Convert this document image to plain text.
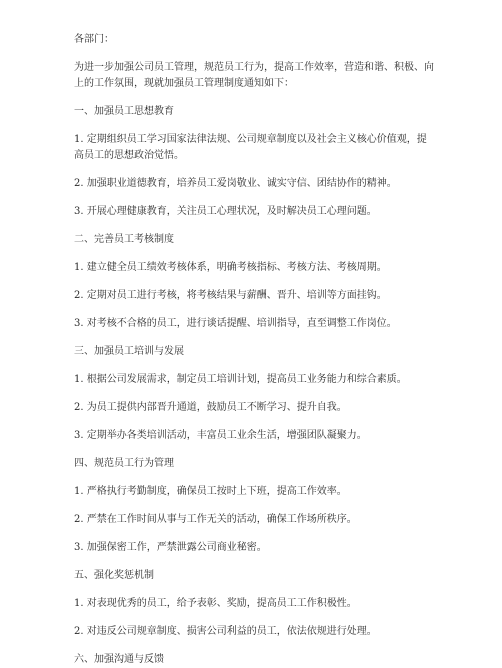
各部门：

为进一步加强公司员工管理，规范员工行为，提高工作效率，营造和谐、积极、向
上的工作氛围，现就加强员工管理制度通知如下：

一、加强员工思想教育

1. 定期组织员工学习国家法律法规、公司规章制度以及社会主义核心价值观，提
高员工的思想政治觉悟。

2. 加强职业道德教育，培养员工爱岗敬业、诚实守信、团结协作的精神。

3. 开展心理健康教育，关注员工心理状况，及时解决员工心理问题。

二、完善员工考核制度

1. 建立健全员工绩效考核体系，明确考核指标、考核方法、考核周期。

2. 定期对员工进行考核，将考核结果与薪酬、晋升、培训等方面挂钩。

3. 对考核不合格的员工，进行谈话提醒、培训指导，直至调整工作岗位。

三、加强员工培训与发展

1. 根据公司发展需求，制定员工培训计划，提高员工业务能力和综合素质。

2. 为员工提供内部晋升通道，鼓励员工不断学习、提升自我。

3. 定期举办各类培训活动，丰富员工业余生活，增强团队凝聚力。

四、规范员工行为管理

1. 严格执行考勤制度，确保员工按时上下班，提高工作效率。

2. 严禁在工作时间从事与工作无关的活动，确保工作场所秩序。

3. 加强保密工作，严禁泄露公司商业秘密。

五、强化奖惩机制

1. 对表现优秀的员工，给予表彰、奖励，提高员工工作积极性。

2. 对违反公司规章制度、损害公司利益的员工，依法依规进行处理。

六、加强沟通与反馈
